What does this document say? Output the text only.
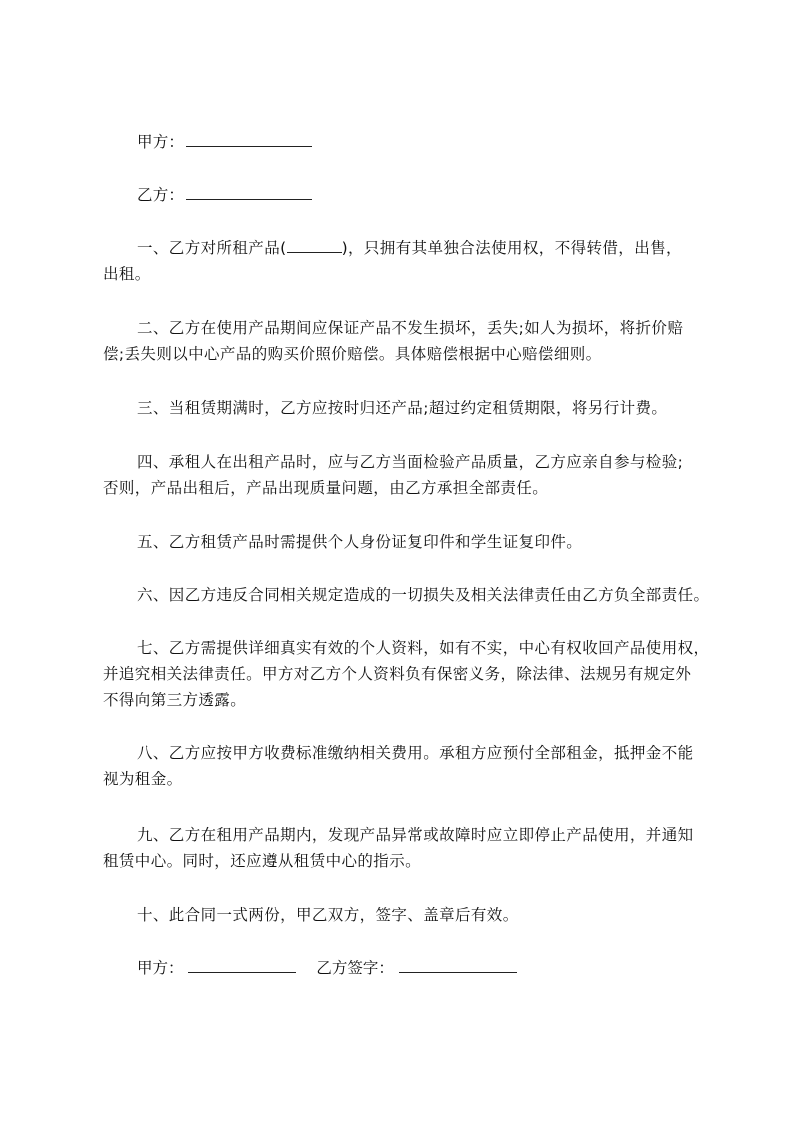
甲方：
乙方：
一、乙方对所租产品(	)，只拥有其单独合法使用权，不得转借，出售，
出租。
二、乙方在使用产品期间应保证产品不发生损坏，丢失;如人为损坏，将折价赔
偿;丢失则以中心产品的购买价照价赔偿。具体赔偿根据中心赔偿细则。
三、当租赁期满时，乙方应按时归还产品;超过约定租赁期限，将另行计费。
四、承租人在出租产品时，应与乙方当面检验产品质量，乙方应亲自参与检验;
否则，产品出租后，产品出现质量问题，由乙方承担全部责任。
五、乙方租赁产品时需提供个人身份证复印件和学生证复印件。
六、因乙方违反合同相关规定造成的一切损失及相关法律责任由乙方负全部责任。
七、乙方需提供详细真实有效的个人资料，如有不实，中心有权收回产品使用权，
并追究相关法律责任。甲方对乙方个人资料负有保密义务，除法律、法规另有规定外
不得向第三方透露。
八、乙方应按甲方收费标准缴纳相关费用。承租方应预付全部租金，抵押金不能
视为租金。
九、乙方在租用产品期内，发现产品异常或故障时应立即停止产品使用，并通知
租赁中心。同时，还应遵从租赁中心的指示。
十、此合同一式两份，甲乙双方，签字、盖章后有效。
甲方：	乙方签字：
